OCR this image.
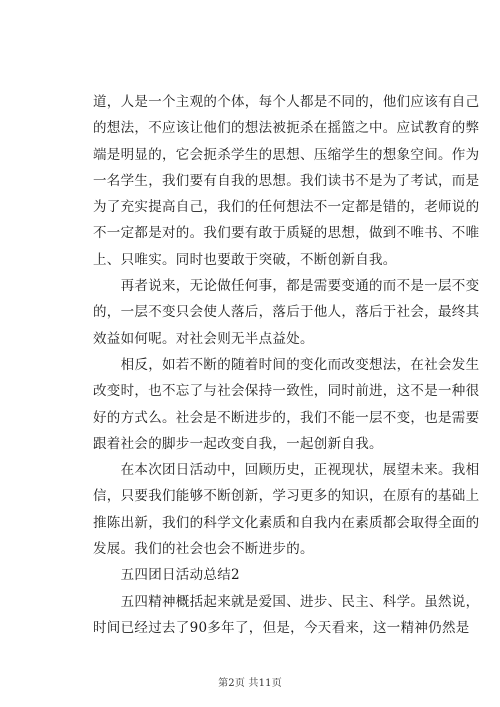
道，人是一个主观的个体，每个人都是不同的，他们应该有自己
的想法，不应该让他们的想法被扼杀在摇篮之中。应试教育的弊
端是明显的，它会扼杀学生的思想、压缩学生的想象空间。作为
一名学生，我们要有自我的思想。我们读书不是为了考试，而是
为了充实提高自己，我们的任何想法不一定都是错的，老师说的
不一定都是对的。我们要有敢于质疑的思想，做到不唯书、不唯
上、只唯实。同时也要敢于突破，不断创新自我。
　　再者说来，无论做任何事，都是需要变通的而不是一层不变
的，一层不变只会使人落后，落后于他人，落后于社会，最终其
效益如何呢。对社会则无半点益处。
　　相反，如若不断的随着时间的变化而改变想法，在社会发生
改变时，也不忘了与社会保持一致性，同时前进，这不是一种很
好的方式么。社会是不断进步的，我们不能一层不变，也是需要
跟着社会的脚步一起改变自我，一起创新自我。
　　在本次团日活动中，回顾历史，正视现状，展望未来。我相
信，只要我们能够不断创新，学习更多的知识，在原有的基础上
推陈出新，我们的科学文化素质和自我内在素质都会取得全面的
发展。我们的社会也会不断进步的。
　　五四团日活动总结2
　　五四精神概括起来就是爱国、进步、民主、科学。虽然说，
时间已经过去了90多年了，但是，今天看来，这一精神仍然是
第2页 共11页
